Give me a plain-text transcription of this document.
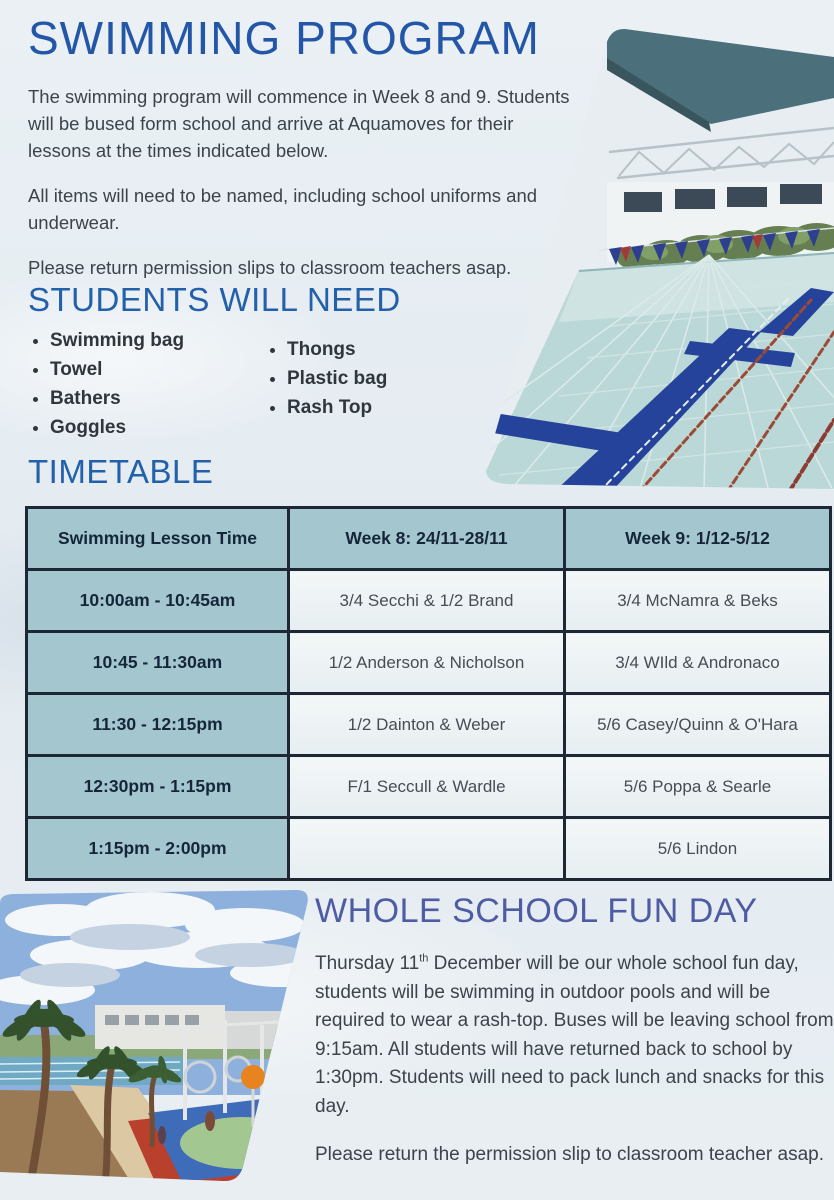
SWIMMING PROGRAM

The swimming program will commence in Week 8 and 9. Students will be bused form school and arrive at Aquamoves for their lessons at the times indicated below.

All items will need to be named, including school uniforms and underwear.

Please return permission slips to classroom teachers asap.

STUDENTS WILL NEED
• Swimming bag
• Towel
• Bathers
• Goggles
• Thongs
• Plastic bag
• Rash Top
TIMETABLE
Swimming Lesson Time	Week 8: 24/11-28/11	Week 9: 1/12-5/12
10:00am - 10:45am	3/4 Secchi & 1/2 Brand	3/4 McNamra & Beks
10:45 - 11:30am	1/2 Anderson & Nicholson	3/4 WIld & Andronaco
11:30 - 12:15pm	1/2 Dainton & Weber	5/6 Casey/Quinn & O'Hara
12:30pm - 1:15pm	F/1 Seccull & Wardle	5/6 Poppa & Searle
1:15pm - 2:00pm		5/6 Lindon
WHOLE SCHOOL FUN DAY

Thursday 11th December will be our whole school fun day, students will be swimming in outdoor pools and will be required to wear a rash-top. Buses will be leaving school from 9:15am. All students will have returned back to school by 1:30pm. Students will need to pack lunch and snacks for this day.

Please return the permission slip to classroom teacher asap.
